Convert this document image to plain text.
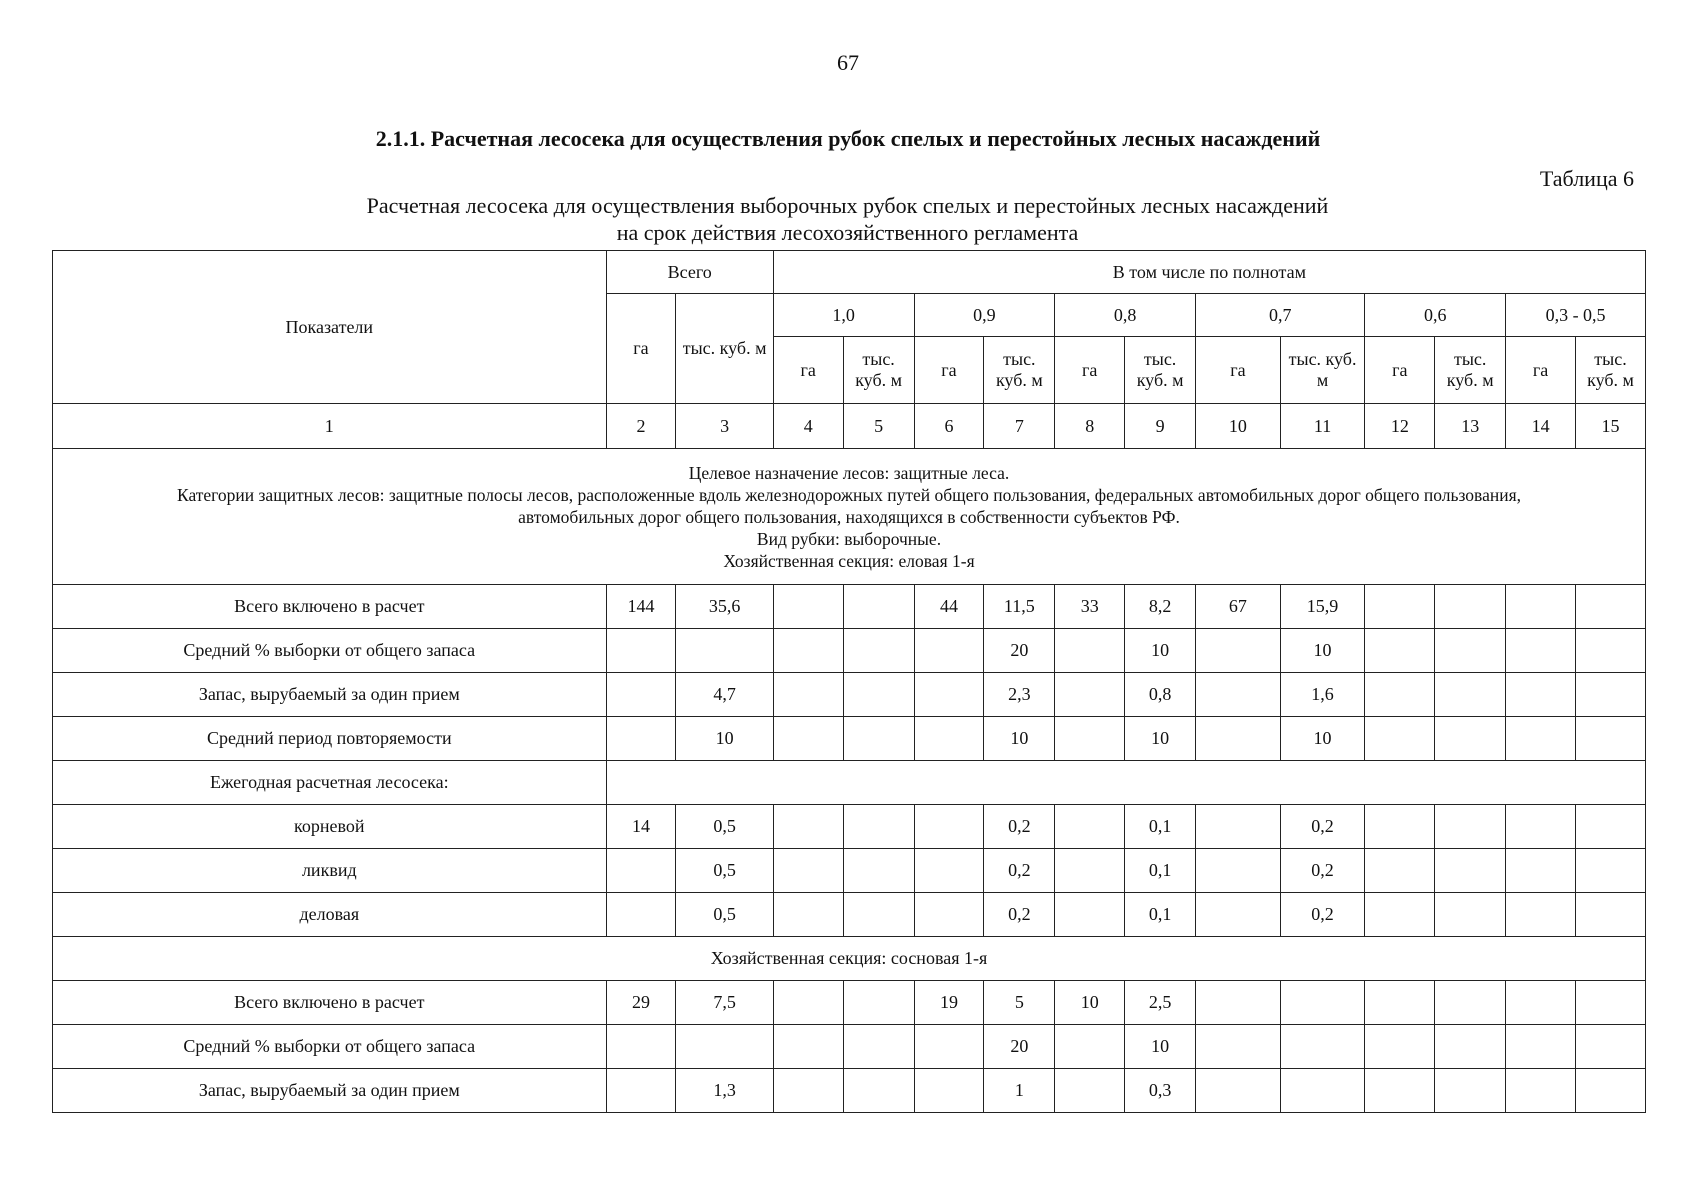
67
2.1.1. Расчетная лесосека для осуществления рубок спелых и перестойных лесных насаждений
Таблица 6
Расчетная лесосека для осуществления выборочных рубок спелых и перестойных лесных насаждений
на срок действия лесохозяйственного регламента
Показатели	Всего		В том числе по полнотам											
	га	тыс. куб. м	1,0		0,9		0,8		0,7		0,6		0,3 - 0,5	
			га	тыс. куб. м	га	тыс. куб. м	га	тыс. куб. м	га	тыс. куб. м	га	тыс. куб. м	га	тыс. куб. м
1	2	3	4	5	6	7	8	9	10	11	12	13	14	15

Целевое назначение лесов: защитные леса.
Категории защитных лесов: защитные полосы лесов, расположенные вдоль железнодорожных путей общего пользования, федеральных автомобильных дорог общего пользования,
автомобильных дорог общего пользования, находящихся в собственности субъектов РФ.
Вид рубки: выборочные.
Хозяйственная секция: еловая 1-я														

Всего включено в расчет	144	35,6			44	11,5	33	8,2	67	15,9				
Средний % выборки от общего запаса						20		10		10				
Запас, вырубаемый за один прием		4,7				2,3		0,8		1,6				
Средний период повторяемости		10				10		10		10				
Ежегодная расчетная лесосека:														
корневой	14	0,5				0,2		0,1		0,2				
ликвид		0,5				0,2		0,1		0,2				
деловая		0,5				0,2		0,1		0,2				
Хозяйственная секция: сосновая 1-я														
Всего включено в расчет	29	7,5			19	5	10	2,5						
Средний % выборки от общего запаса						20		10						
Запас, вырубаемый за один прием		1,3				1		0,3						
